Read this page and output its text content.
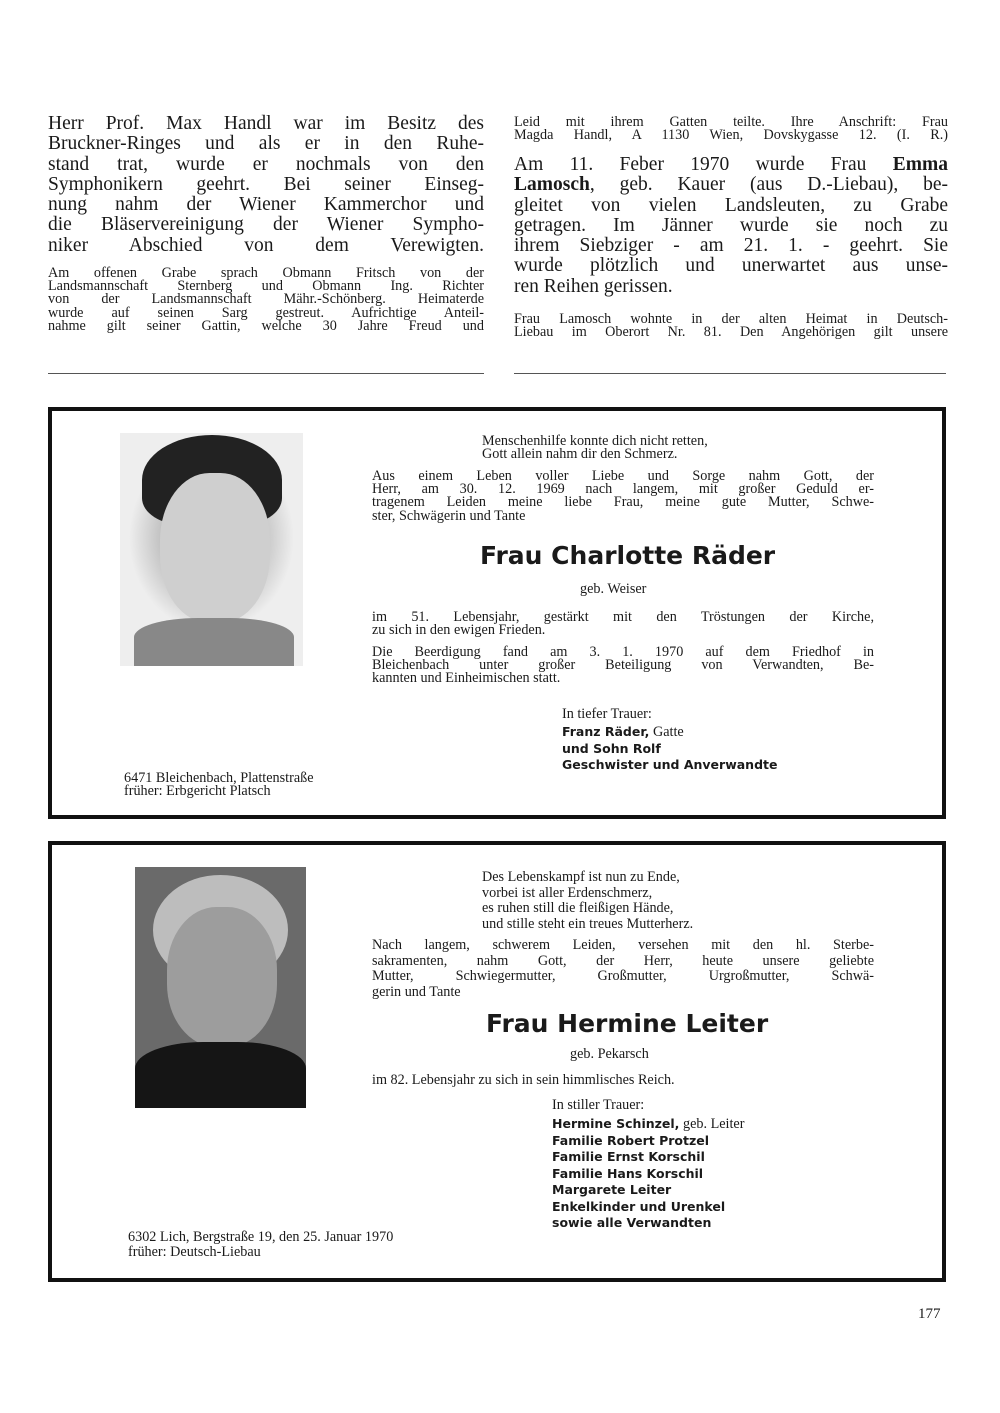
Herr Prof. Max Handl war im Besitz des
Bruckner-Ringes und als er in den Ruhe-
stand trat, wurde er nochmals von den
Symphonikern geehrt. Bei seiner Einseg-
nung nahm der Wiener Kammerchor und
die Bläservereinigung der Wiener Sympho-
niker Abschied von dem Verewigten.
Am offenen Grabe sprach Obmann Fritsch von der
Landsmannschaft Sternberg und Obmann Ing. Richter
von der Landsmannschaft Mähr.-Schönberg. Heimaterde
wurde auf seinen Sarg gestreut. Aufrichtige Anteil-
nahme gilt seiner Gattin, welche 30 Jahre Freud und
Leid mit ihrem Gatten teilte. Ihre Anschrift: Frau
Magda Handl, A 1130 Wien, Dovskygasse 12. (I. R.)
Am 11. Feber 1970 wurde Frau Emma
Lamosch, geb. Kauer (aus D.-Liebau), be-
gleitet von vielen Landsleuten, zu Grabe
getragen. Im Jänner wurde sie noch zu
ihrem Siebziger - am 21. 1. - geehrt. Sie
wurde plötzlich und unerwartet aus unse-
ren Reihen gerissen.
Frau Lamosch wohnte in der alten Heimat in Deutsch-
Liebau im Oberort Nr. 81. Den Angehörigen gilt unsere
Menschenhilfe konnte dich nicht retten,
Gott allein nahm dir den Schmerz.
Aus einem Leben voller Liebe und Sorge nahm Gott, der
Herr, am 30. 12. 1969 nach langem, mit großer Geduld er-
tragenem Leiden meine liebe Frau, meine gute Mutter, Schwe-
ster, Schwägerin und Tante
Frau Charlotte Räder
geb. Weiser
im 51. Lebensjahr, gestärkt mit den Tröstungen der Kirche,
zu sich in den ewigen Frieden.
Die Beerdigung fand am 3. 1. 1970 auf dem Friedhof in
Bleichenbach unter großer Beteiligung von Verwandten, Be-
kannten und Einheimischen statt.
In tiefer Trauer:
Franz Räder, Gatte
und Sohn Rolf
Geschwister und Anverwandte
6471 Bleichenbach, Plattenstraße
früher: Erbgericht Platsch
Des Lebenskampf ist nun zu Ende,
vorbei ist aller Erdenschmerz,
es ruhen still die fleißigen Hände,
und stille steht ein treues Mutterherz.
Nach langem, schwerem Leiden, versehen mit den hl. Sterbe-
sakramenten, nahm Gott, der Herr, heute unsere geliebte
Mutter, Schwiegermutter, Großmutter, Urgroßmutter, Schwä-
gerin und Tante
Frau Hermine Leiter
geb. Pekarsch
im 82. Lebensjahr zu sich in sein himmlisches Reich.
In stiller Trauer:
Hermine Schinzel, geb. Leiter
Familie Robert Protzel
Familie Ernst Korschil
Familie Hans Korschil
Margarete Leiter
Enkelkinder und Urenkel
sowie alle Verwandten
6302 Lich, Bergstraße 19, den 25. Januar 1970
früher: Deutsch-Liebau
177
